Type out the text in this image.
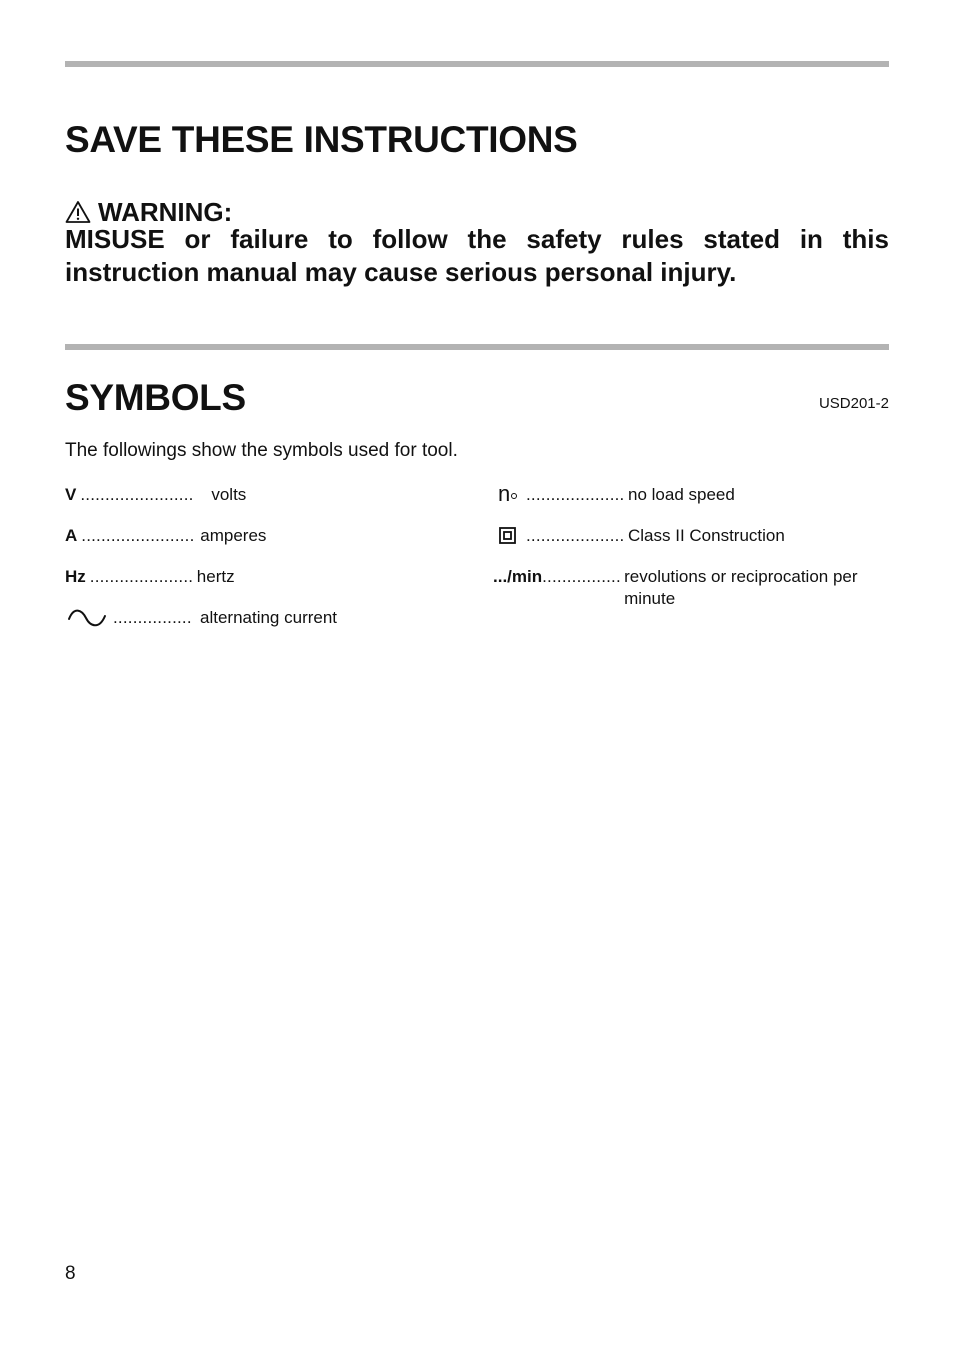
SAVE THESE INSTRUCTIONS
WARNING:
MISUSE or failure to follow the safety rules stated in this instruction manual may cause serious personal injury.
SYMBOLS	USD201-2
The followings show the symbols used for tool.
V .......................	volts
A ....................... amperes
Hz ..................... hertz
................ alternating current
n .................... no load speed
.................... Class II Construction
.../min ................ revolutions or reciprocation per minute
8
